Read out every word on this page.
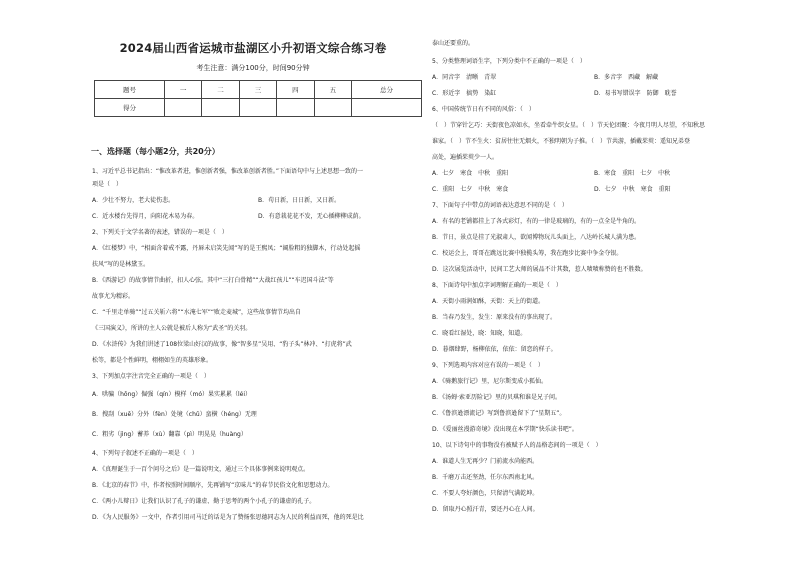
2024届山西省运城市盐湖区小升初语文综合练习卷
考生注意：满分100分，时间90分钟
题号	一	二	三	四	五	总分
得分						
一、选择题（每小题2分，共20分）
1、习近平总书记指出：“惟改革者进，惟创新者强，惟改革创新者胜。”下面语句中与上述思想一致的一
项是（　）
A．少壮不努力，老大徒伤悲。	B．苟日新，日日新，又日新。
C．近水楼台先得月，向阳花木易为春。	D．有意栽花花不发，无心插柳柳成荫。
2、下列关于文学名著的表述，错误的一项是（　）
A．《红楼梦》中，“相面含着戒不露，丹唇未启笑先闻”写的是王熙凤；“阔脸粗的独脚木，行动处起摇
扶风”写的是林黛玉。
B．《西游记》的故事情节曲折，扣人心弦。其中“三打白骨精”“大战红孩儿”“车迟国斗法”等
故事尤为精彩。
C．“千里走单骑”“过五关斩六将”“水淹七军”“败走麦城”，这些故事情节均出自
《三国演义》，所讲的主人公就是被后人称为“武圣”的关羽。
D．《水浒传》为我们讲述了108位梁山好汉的故事，像“智多星”吴用、“豹子头”林冲、“打虎将”武
松等，都是个性鲜明，栩栩如生的英雄形象。
3、下列加点字注音完全正确的一项是（　）
A．哄骗（hōng）倔强（qín）模样（mó）果实累累（léi）
B．搜刮（xuē）分外（fèn）处境（chǔ）蛮横（héng）无理
C．粗劣（jìng）蓄养（xù）翻靠（pì）明晃晃（huàng）
4、下列句子叙述不正确的一项是（　）
A．《真理诞生于一百个问号之后》是一篇说明文，通过三个具体事例来说明观点。
B．《北京的春节》中，作者按照时间顺序，先再铺写“京味儿”的春节民俗文化和思想动力。
C．《两小儿辩日》让我们认识了孔子的谦虚、勤于思考的两个小孔子的谦虚的孔子。
D．《为人民服务》一文中，作者引用司马迁的话是为了赞扬张思德同志为人民的利益而死，他的死是比
泰山还要重的。
5、分类整理词语生字，下列分类中不正确的一项是（　）
A．同音字　清晰　青翠	B．多音字　西藏　解藏
C．形近字　搞势　染缸	D．易书写错误字　防御　耽誉
6、中国传统节日有不同的风俗：（　）
（　）节穿针乞巧：天街夜色凉如水，坐看牵牛织女星。（　）节天伦团聚：今夜月明人尽望，不知秋思
谁家。（　）节不生火：贫居往往无烟火，不独明朝为子推。（　）节共游，插戴茱萸：遥知兄弟登
高处，遍插茱萸少一人。
A．七夕　寒食　中秋　重阳	B．寒食　重阳　七夕　中秋
C．重阳　七夕　中秋　寒食	D．七夕　中秋　寒食　重阳
7、下面句子中带点的词语表达意思不同的是（　）
A．有名的老铺都挂上了各式彩灯，有的一律是玻璃的，有的一点全是牛角的。
B．节日，景点是挂了光淑肃人，欲闻博物玩儿头面上，八达岭长城人满为患。
C．校运会上，哥哥在跳远比赛中独揽头筹，我在跑步比赛中争金夺银。
D．这次展览活动中，民间工艺大师的展品不计其数，惹人啧啧称赞的也不胜数。
8、下面诗句中加点字词理解正确的一项是（　）
A．天街小雨润如酥，天街：天上的街道。
B．当春乃发生，发生：原来没有的事出现了。
C．晓看红湿处，晓：知晓，知道。
D．暮烟肆野，杨柳依依，依依：留恋的样子。
9、下列选项内容对应有误的一项是（　）
A．《骑鹅旅行记》里，尼尔斯变成小狐仙。
B．《汤姆·索亚历险记》里的贝琪和谁是兄子问。
C．《鲁滨逊漂流记》写到鲁滨逊留下了“星期五”。
D．《爱丽丝漫游奇境》没出现在本学期“快乐读书吧”。
10、以下诗句中的事物没有被赋予人的品格态间的一项是（　）
A．谁道人生无再少？门前流水尚能西。
B．千磨万击还坚劲，任尔东西南北风。
C．不要人夸好颜色，只留清气满乾坤。
D．留取丹心照汗青，要还丹心在人间。
